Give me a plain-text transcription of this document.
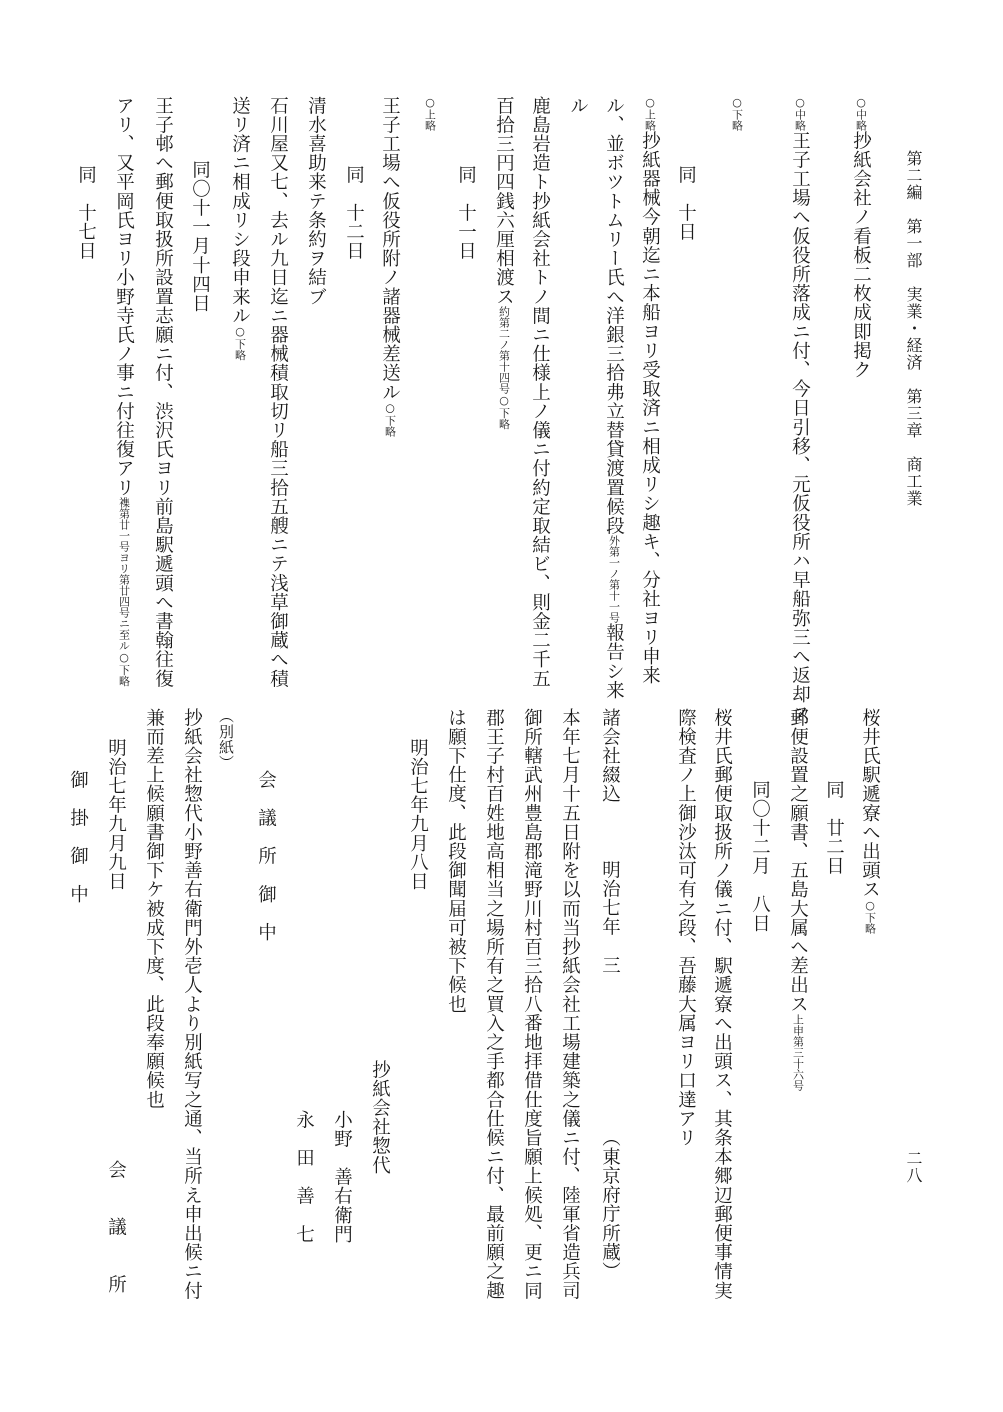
第二編　第一部　実業・経済　第三章　商工業
二八
○中略抄紙会社ノ看板二枚成即掲ク
○中略王子工場へ仮役所落成ニ付、今日引移、元仮役所ハ早船弥三へ返却ス
○下略
同　十日
○上略抄紙器械今朝迄ニ本船ヨリ受取済ニ相成リシ趣キ、分社ヨリ申来
ル、並ボツトムリー氏へ洋銀三拾弗立替貸渡置候段外第一ノ第十一号報告シ来
ル
鹿島岩造ト抄紙会社トノ間ニ仕様上ノ儀ニ付約定取結ビ、則金二千五
百拾三円四銭六厘相渡ス約第二ノ第十四号○下略
同　十一日
○上略
王子工場へ仮役所附ノ諸器械差送ル○下略
同　十二日
清水喜助来テ条約ヲ結ブ
石川屋又七、去ル九日迄ニ器械積取切リ船三拾五艘ニテ浅草御蔵へ積
送リ済ニ相成リシ段申来ル○下略
同〇十一月十四日
王子邨へ郵便取扱所設置志願ニ付、渋沢氏ヨリ前島駅遞頭へ書翰往復
アリ、又平岡氏ヨリ小野寺氏ノ事ニ付往復アリ襍第廿一号ヨリ第廿四号ニ至ル○下略
同　十七日
桜井氏駅遞寮へ出頭ス○下略
同　廿二日
郵便設置之願書、五島大属へ差出ス上申第三十六号
同〇十二月　八日
桜井氏郵便取扱所ノ儀ニ付、駅遞寮へ出頭ス、其条本郷辺郵便事情実
際検査ノ上御沙汰可有之段、吾藤大属ヨリ口達アリ
諸会社綴込
明治七年　三
（東京府庁所蔵）
本年七月十五日附を以而当抄紙会社工場建築之儀ニ付、陸軍省造兵司
御所轄武州豊島郡滝野川村百三拾八番地拝借仕度旨願上候処、更ニ同
郡王子村百姓地高相当之場所有之買入之手都合仕候ニ付、最前願之趣
は願下仕度、此段御聞届可被下候也
明治七年九月八日
抄紙会社惣代
小野　善右衛門
永　田　善　七
会　議　所　御　中
（別紙）
抄紙会社惣代小野善右衛門外壱人より別紙写之通、当所え申出候ニ付
兼而差上候願書御下ケ被成下度、此段奉願候也
明治七年九月九日
会　　議　　所
御　掛　御　中
